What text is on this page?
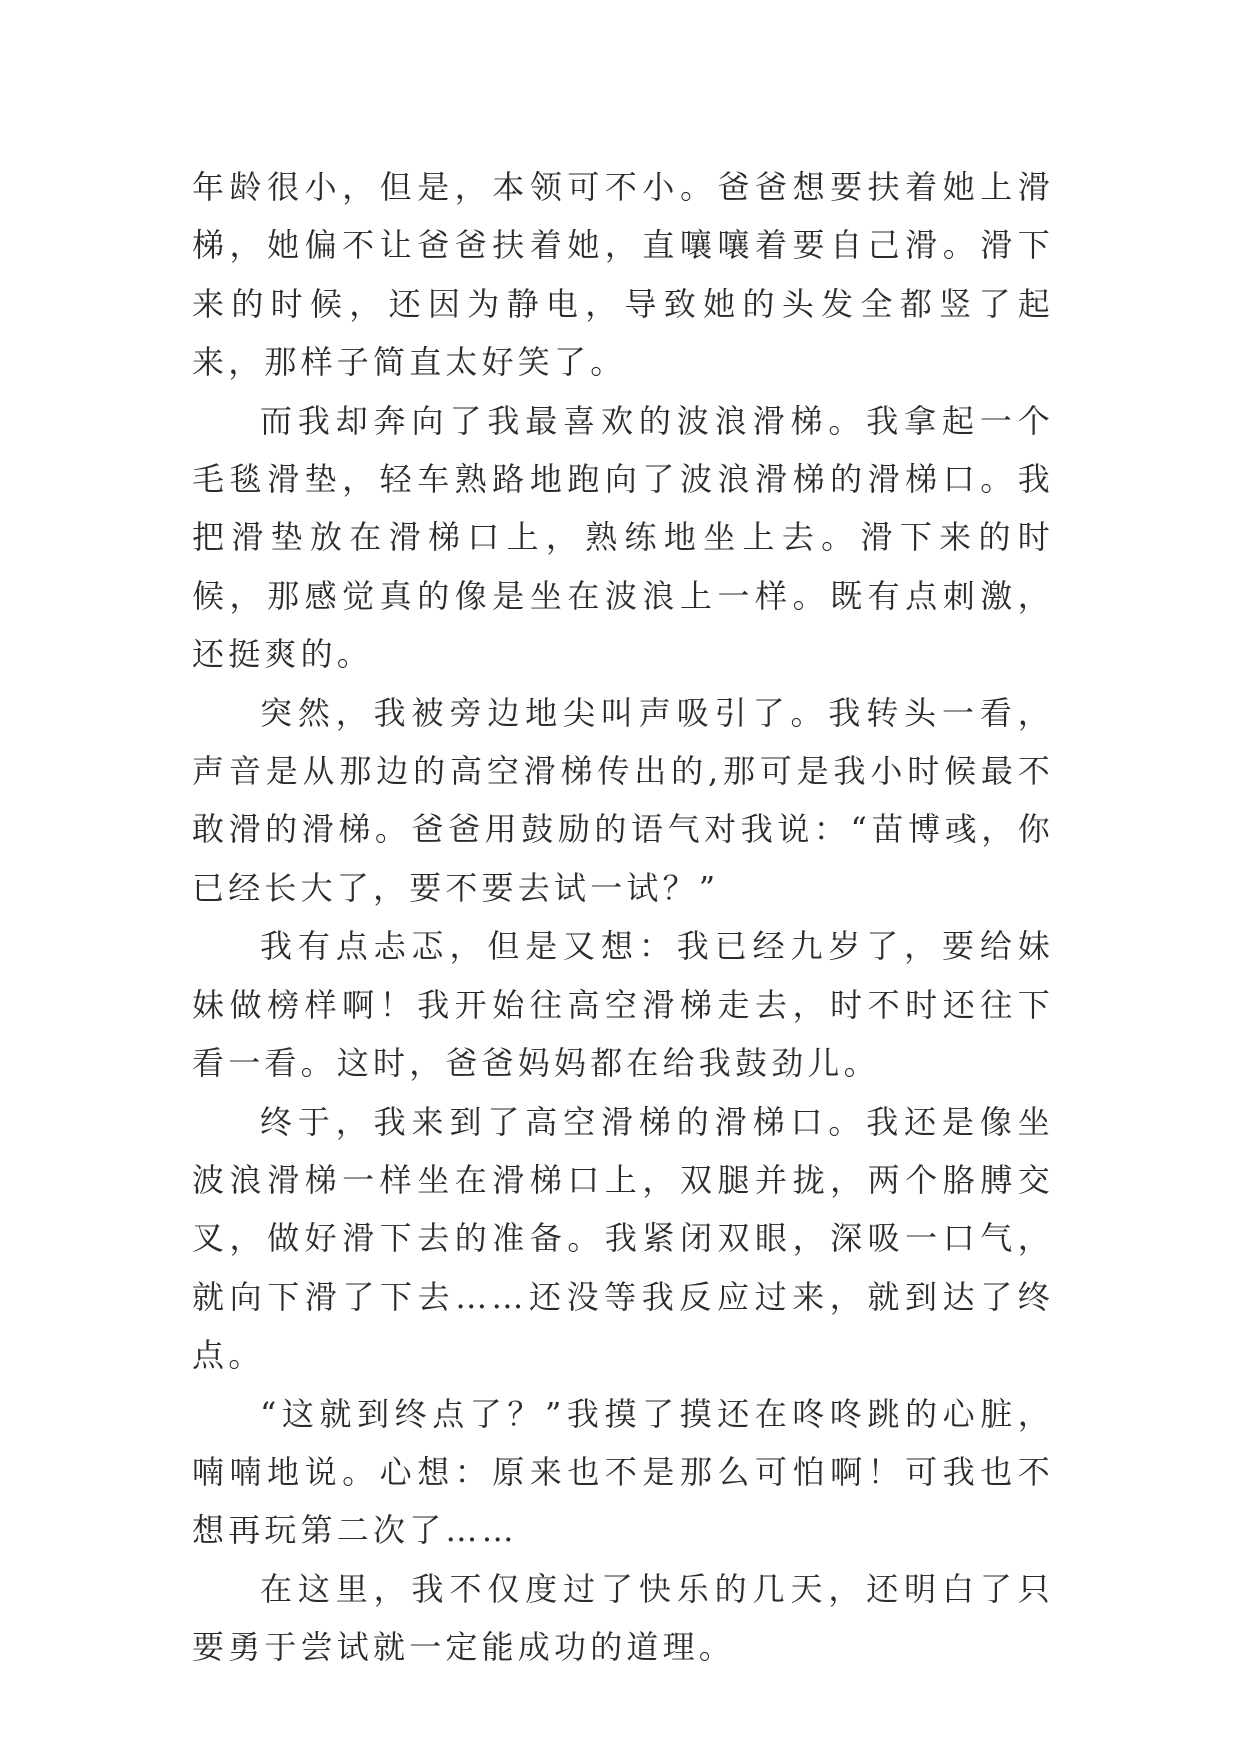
年龄很小，但是，本领可不小。爸爸想要扶着她上滑梯，她偏不让爸爸扶着她，直嚷嚷着要自己滑。滑下来的时候，还因为静电，导致她的头发全都竖了起来，那样子简直太好笑了。

而我却奔向了我最喜欢的波浪滑梯。我拿起一个毛毯滑垫，轻车熟路地跑向了波浪滑梯的滑梯口。我把滑垫放在滑梯口上，熟练地坐上去。滑下来的时候，那感觉真的像是坐在波浪上一样。既有点刺激，还挺爽的。

突然，我被旁边地尖叫声吸引了。我转头一看，声音是从那边的高空滑梯传出的,那可是我小时候最不敢滑的滑梯。爸爸用鼓励的语气对我说：“苗博彧，你已经长大了，要不要去试一试？”

我有点忐忑，但是又想：我已经九岁了，要给妹妹做榜样啊！我开始往高空滑梯走去，时不时还往下看一看。这时，爸爸妈妈都在给我鼓劲儿。

终于，我来到了高空滑梯的滑梯口。我还是像坐波浪滑梯一样坐在滑梯口上，双腿并拢，两个胳膊交叉，做好滑下去的准备。我紧闭双眼，深吸一口气，就向下滑了下去……还没等我反应过来，就到达了终点。

“这就到终点了？”我摸了摸还在咚咚跳的心脏，喃喃地说。心想：原来也不是那么可怕啊！可我也不想再玩第二次了……

在这里，我不仅度过了快乐的几天，还明白了只要勇于尝试就一定能成功的道理。
